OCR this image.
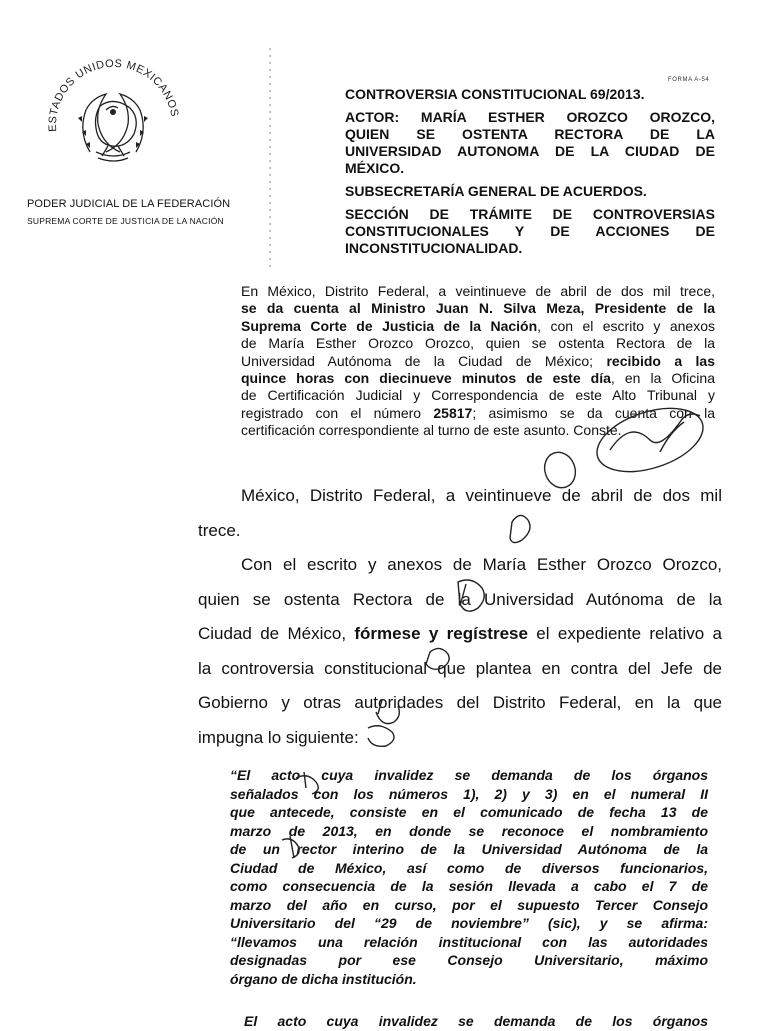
ESTADOS UNIDOS MEXICANOS
PODER JUDICIAL DE LA FEDERACIÓN
SUPREMA CORTE DE JUSTICIA DE LA NACIÓN
FORMA A-54

CONTROVERSIA CONSTITUCIONAL 69/2013.

ACTOR: MARÍA ESTHER OROZCO OROZCO,
QUIEN SE OSTENTA RECTORA DE LA
UNIVERSIDAD AUTONOMA DE LA CIUDAD DE
MÉXICO.

SUBSECRETARÍA GENERAL DE ACUERDOS.

SECCIÓN DE TRÁMITE DE CONTROVERSIAS
CONSTITUCIONALES Y DE ACCIONES DE
INCONSTITUCIONALIDAD.

En México, Distrito Federal, a veintinueve de abril de dos mil trece,
se da cuenta al Ministro Juan N. Silva Meza, Presidente de la
Suprema Corte de Justicia de la Nación, con el escrito y anexos
de María Esther Orozco Orozco, quien se ostenta Rectora de la
Universidad Autónoma de la Ciudad de México; recibido a las
quince horas con diecinueve minutos de este día, en la Oficina
de Certificación Judicial y Correspondencia de este Alto Tribunal y
registrado con el número 25817; asimismo se da cuenta con la
certificación correspondiente al turno de este asunto. Conste.

México, Distrito Federal, a veintinueve de abril de dos mil
trece.

Con el escrito y anexos de María Esther Orozco Orozco,
quien se ostenta Rectora de la Universidad Autónoma de la
Ciudad de México, fórmese y regístrese el expediente relativo a
la controversia constitucional que plantea en contra del Jefe de
Gobierno y otras autoridades del Distrito Federal, en la que
impugna lo siguiente:

“El acto cuya invalidez se demanda de los órganos
señalados con los números 1), 2) y 3) en el numeral II
que antecede, consiste en el comunicado de fecha 13 de
marzo de 2013, en donde se reconoce el nombramiento
de un rector interino de la Universidad Autónoma de la
Ciudad de México, así como de diversos funcionarios,
como consecuencia de la sesión llevada a cabo el 7 de
marzo del año en curso, por el supuesto Tercer Consejo
Universitario del “29 de noviembre” (sic), y se afirma:
“llevamos una relación institucional con las autoridades
designadas por ese Consejo Universitario, máximo
órgano de dicha institución.

El acto cuya invalidez se demanda de los órganos
